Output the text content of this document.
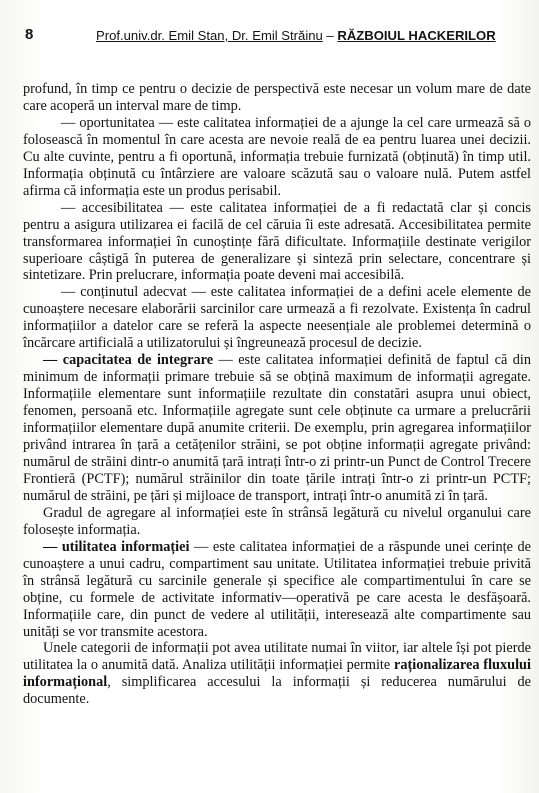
8	Prof.univ.dr. Emil Stan, Dr. Emil Străinu – RĂZBOIUL HACKERILOR

profund, în timp ce pentru o decizie de perspectivă este necesar un volum mare de date care acoperă un interval mare de timp.

— oportunitatea — este calitatea informației de a ajunge la cel care urmează să o folosească în momentul în care acesta are nevoie reală de ea pentru luarea unei decizii. Cu alte cuvinte, pentru a fi oportună, informația trebuie furnizată (obținută) în timp util. Informația obținută cu întârziere are valoare scăzută sau o valoare nulă. Putem astfel afirma că informația este un produs perisabil.

— accesibilitatea — este calitatea informației de a fi redactată clar și concis pentru a asigura utilizarea ei facilă de cel căruia îi este adresată. Accesibilitatea permite transformarea informației în cunoștințe fără dificultate. Informațiile destinate verigilor superioare câștigă în puterea de generalizare și sinteză prin selectare, concentrare și sintetizare. Prin prelucrare, informația poate deveni mai accesibilă.

— conținutul adecvat — este calitatea informației de a defini acele elemente de cunoaștere necesare elaborării sarcinilor care urmează a fi rezolvate. Existența în cadrul informațiilor a datelor care se referă la aspecte neesențiale ale problemei determină o încărcare artificială a utilizatorului și îngreunează procesul de decizie.

— capacitatea de integrare — este calitatea informației definită de faptul că din minimum de informații primare trebuie să se obțină maximum de informații agregate. Informațiile elementare sunt informațiile rezultate din constatări asupra unui obiect, fenomen, persoană etc. Informațiile agregate sunt cele obținute ca urmare a prelucrării informațiilor elementare după anumite criterii. De exemplu, prin agregarea informațiilor privând intrarea în țară a cetățenilor străini, se pot obține informații agregate privând: numărul de străini dintr-o anumită țară intrați într-o zi printr-un Punct de Control Trecere Frontieră (PCTF); numărul străinilor din toate țările intrați într-o zi printr-un PCTF; numărul de străini, pe țări și mijloace de transport, intrați într-o anumită zi în țară.

Gradul de agregare al informației este în strânsă legătură cu nivelul organului care folosește informația.

— utilitatea informației — este calitatea informației de a răspunde unei cerințe de cunoaștere a unui cadru, compartiment sau unitate. Utilitatea informației trebuie privită în strânsă legătură cu sarcinile generale și specifice ale compartimentului în care se obține, cu formele de activitate informativ—operativă pe care acesta le desfășoară. Informațiile care, din punct de vedere al utilității, interesează alte compartimente sau unități se vor transmite acestora.

Unele categorii de informații pot avea utilitate numai în viitor, iar altele își pot pierde utilitatea la o anumită dată. Analiza utilității informației permite raționalizarea fluxului informațional, simplificarea accesului la informații și reducerea numărului de documente.
